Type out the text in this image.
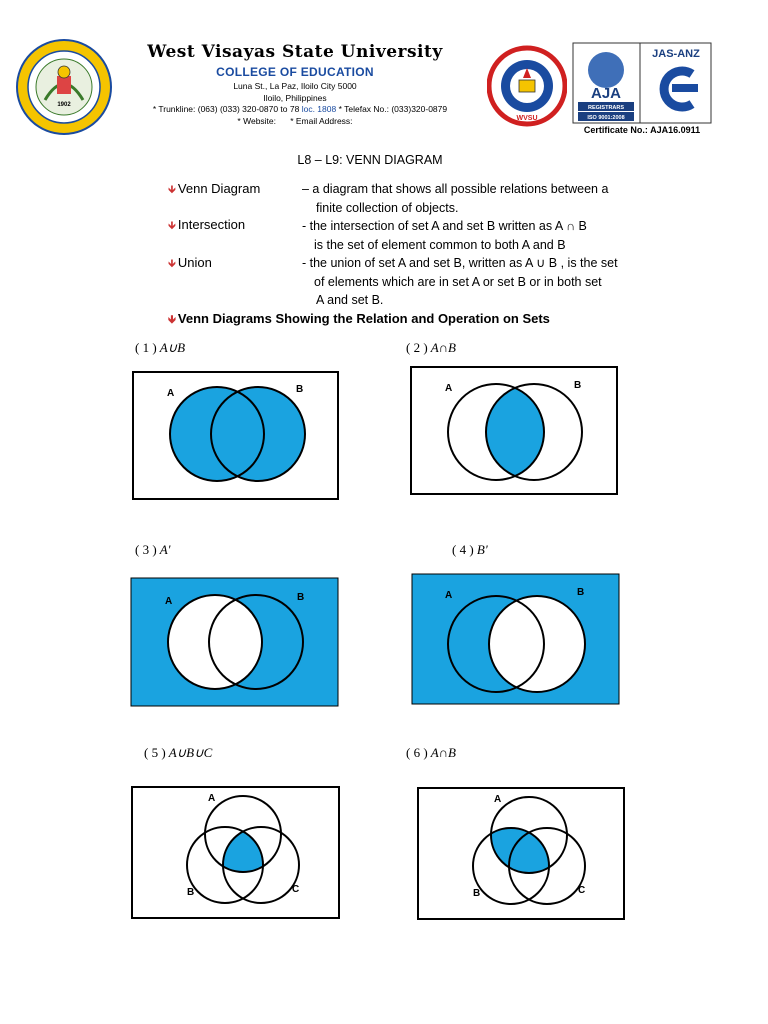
1902
West Visayas State University
COLLEGE OF EDUCATION
Luna St., La Paz, Iloilo City 5000
Iloilo, Philippines
* Trunkline: (063) (033) 320-0870 to 78 loc. 1808 * Telefax No.: (033)320-0879
* Website: * Email Address:	WVSU
AJA
REGISTRARS
ISO 9001:2008
JAS-ANZ
Certificate No.: AJA16.0911
L8 – L9: VENN DIAGRAM
🡻 Venn Diagram	– a diagram that shows all possible relations between a
finite collection of objects.
🡻 Intersection	- the intersection of set A and set B written as A ∩ B
is the set of element common to both A and B
🡻 Union	- the union of set A and set B, written as A ∪ B , is the set
of elements which are in set A or set B or in both set
A and set B.
🡻 Venn Diagrams Showing the Relation and Operation on Sets
( 1 ) A∪B	( 2 ) A∩B
( 3 ) A'	( 4 ) B'
( 5 ) A∪B∪C	( 6 ) A∩B
A	B	A	B
A	B	A	B
A
B	C
A
B	C
